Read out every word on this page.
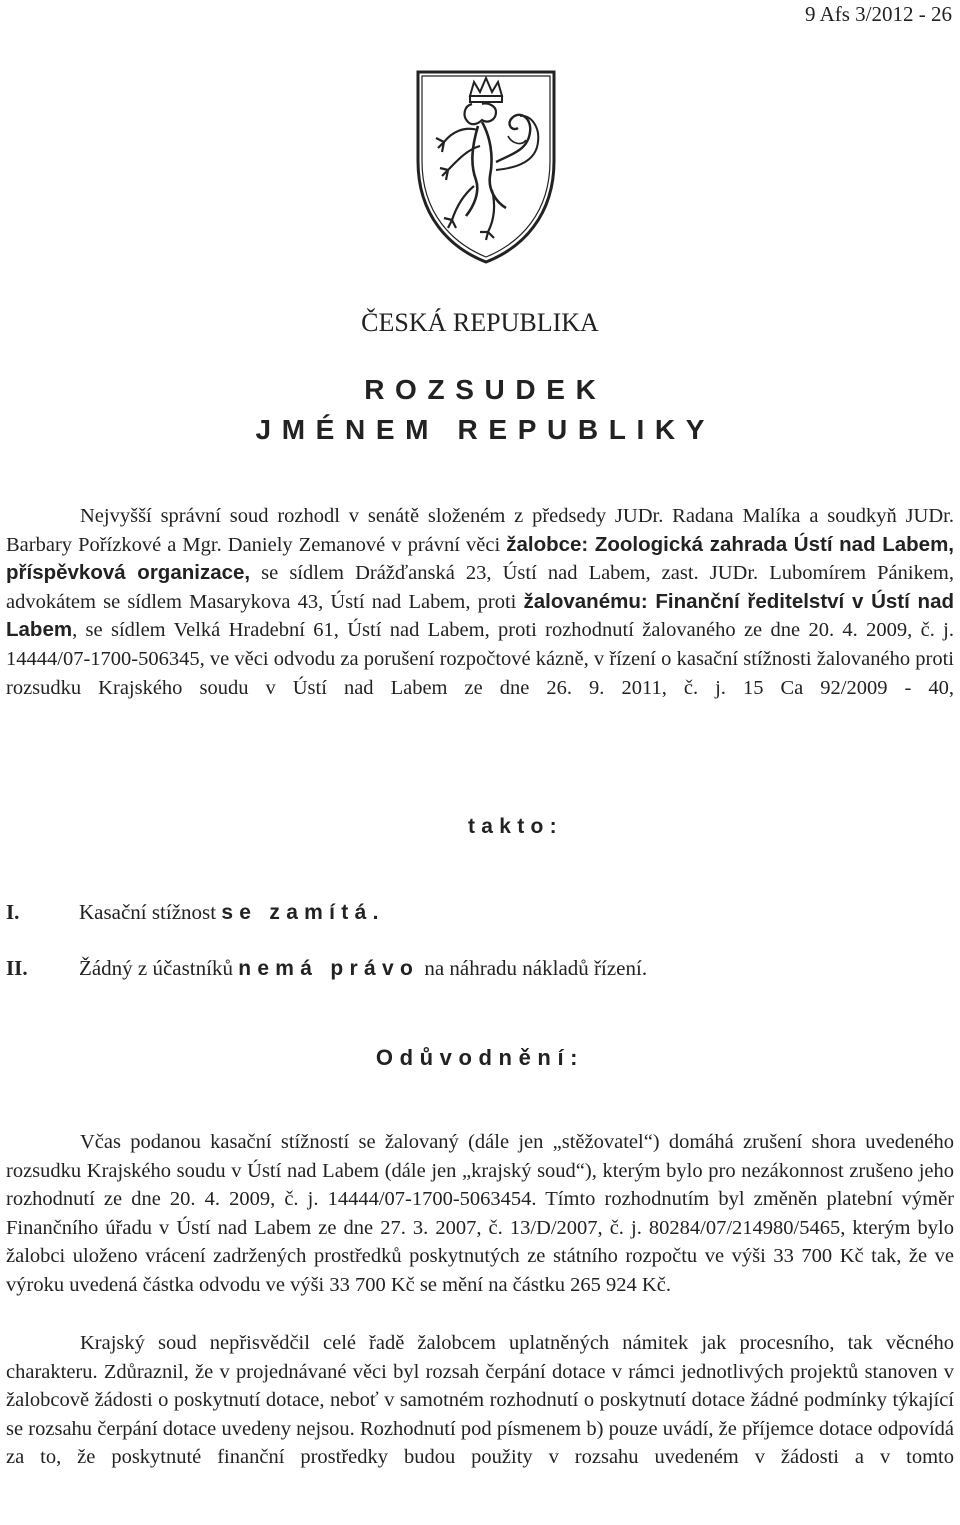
9 Afs 3/2012 - 26
ČESKÁ REPUBLIKA
ROZSUDEK
JMÉNEM REPUBLIKY

Nejvyšší správní soud rozhodl v senátě složeném z předsedy JUDr. Radana Malíka a soudkyň JUDr. Barbary Pořízkové a Mgr. Daniely Zemanové v právní věci žalobce: Zoologická zahrada Ústí nad Labem, příspěvková organizace, se sídlem Drážďanská 23, Ústí nad Labem, zast. JUDr. Lubomírem Pánikem, advokátem se sídlem Masarykova 43, Ústí nad Labem, proti žalovanému: Finanční ředitelství v Ústí nad Labem, se sídlem Velká Hradební 61, Ústí nad Labem, proti rozhodnutí žalovaného ze dne 20. 4. 2009, č. j. 14444/07-1700-506345, ve věci odvodu za porušení rozpočtové kázně, v řízení o kasační stížnosti žalovaného proti rozsudku Krajského soudu v Ústí nad Labem ze dne 26. 9. 2011, č. j. 15 Ca 92/2009 - 40,

takto:
I.	Kasační stížnost se zamítá.
II. Žádný z účastníků nemá právo na náhradu nákladů řízení.
Odůvodnění:

Včas podanou kasační stížností se žalovaný (dále jen „stěžovatel“) domáhá zrušení shora uvedeného rozsudku Krajského soudu v Ústí nad Labem (dále jen „krajský soud“), kterým bylo pro nezákonnost zrušeno jeho rozhodnutí ze dne 20. 4. 2009, č. j. 14444/07-1700-5063454. Tímto rozhodnutím byl změněn platební výměr Finančního úřadu v Ústí nad Labem ze dne 27. 3. 2007, č. 13/D/2007, č. j. 80284/07/214980/5465, kterým bylo žalobci uloženo vrácení zadržených prostředků poskytnutých ze státního rozpočtu ve výši 33 700 Kč tak, že ve výroku uvedená částka odvodu ve výši 33 700 Kč se mění na částku 265 924 Kč.

Krajský soud nepřisvědčil celé řadě žalobcem uplatněných námitek jak procesního, tak věcného charakteru. Zdůraznil, že v projednávané věci byl rozsah čerpání dotace v rámci jednotlivých projektů stanoven v žalobcově žádosti o poskytnutí dotace, neboť v samotném rozhodnutí o poskytnutí dotace žádné podmínky týkající se rozsahu čerpání dotace uvedeny nejsou. Rozhodnutí pod písmenem b) pouze uvádí, že příjemce dotace odpovídá za to, že poskytnuté finanční prostředky budou použity v rozsahu uvedeném v žádosti a v tomto
